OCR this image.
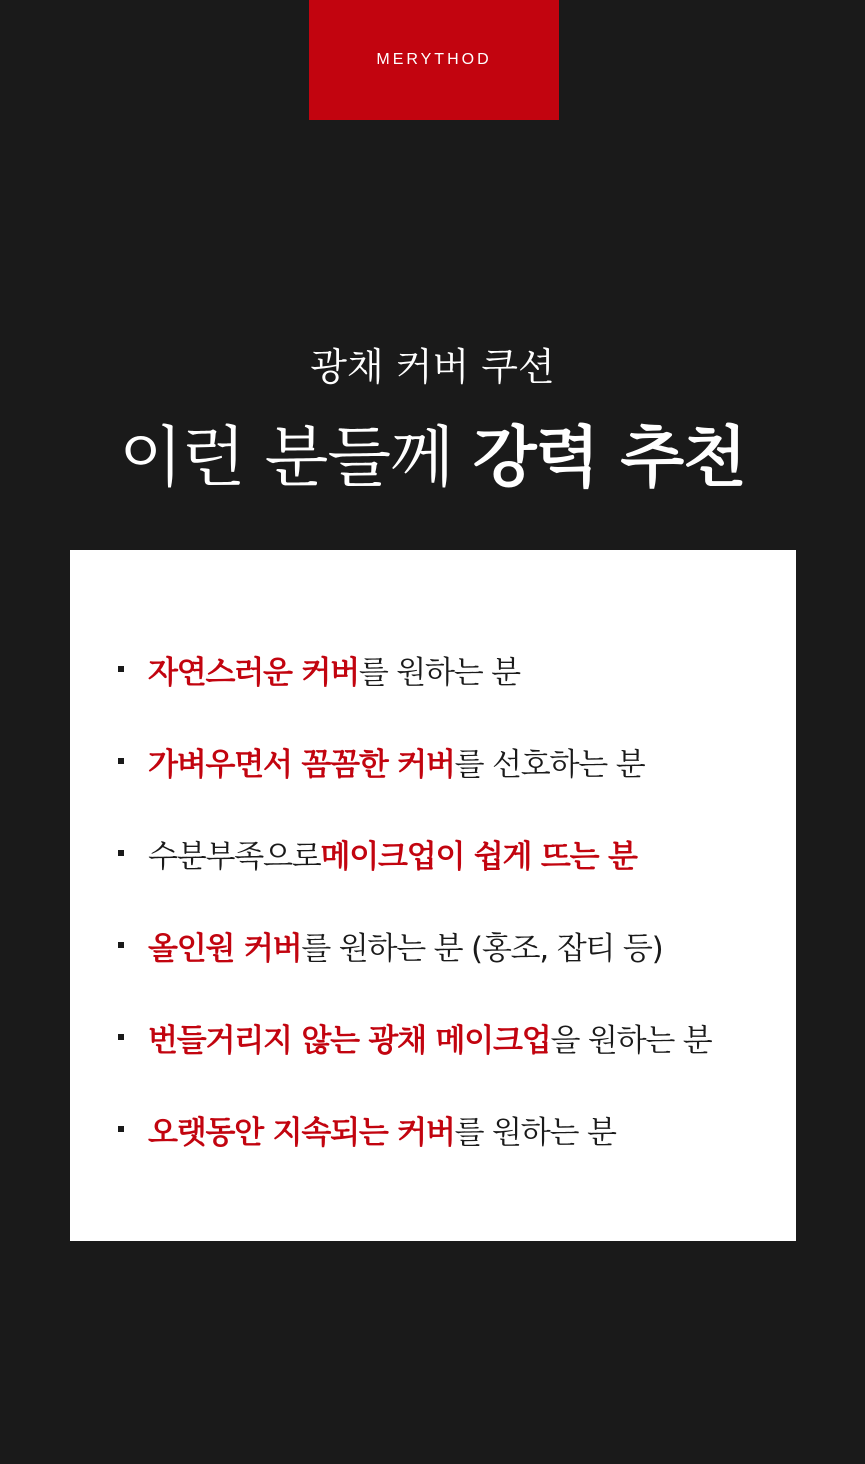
MERYTHOD
광채 커버 쿠션
이런 분들께 강력 추천
자연스러운 커버 를 원하는 분
가벼우면서 꼼꼼한 커버 를 선호하는 분
수분부족으로 메이크업이 쉽게 뜨는 분
올인원 커버 를 원하는 분 (홍조, 잡티 등)
번들거리지 않는 광채 메이크업 을 원하는 분
오랫동안 지속되는 커버 를 원하는 분
